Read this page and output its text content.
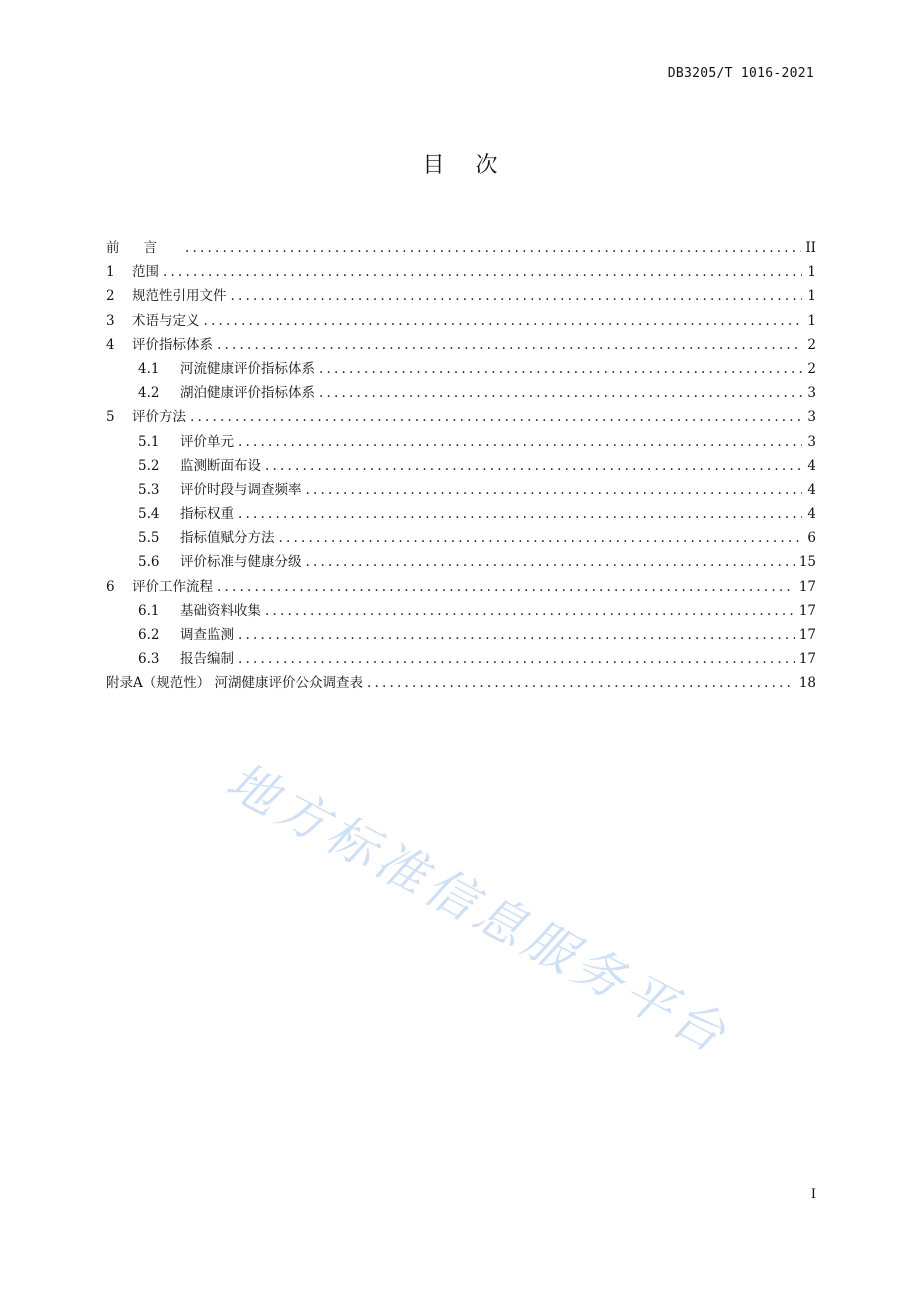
DB3205/T 1016-2021
目 次
前言 .....	II
1	范围 .....	1
2	规范性引用文件 .....	1
3	术语与定义 .....	1
4	评价指标体系 .....	2
4.1	河流健康评价指标体系 .....	2
4.2	湖泊健康评价指标体系 .....	3
5	评价方法 .....	3
5.1	评价单元 .....	3
5.2	监测断面布设 .....	4
5.3	评价时段与调查频率 .....	4
5.4	指标权重 .....	4
5.5	指标值赋分方法 .....	6
5.6	评价标准与健康分级 .....	15
6	评价工作流程 .....	17
6.1	基础资料收集 .....	17
6.2	调查监测 .....	17
6.3	报告编制 .....	17
附录A（规范性） 河湖健康评价公众调查表 .....	18
地方标准信息服务平台
I
